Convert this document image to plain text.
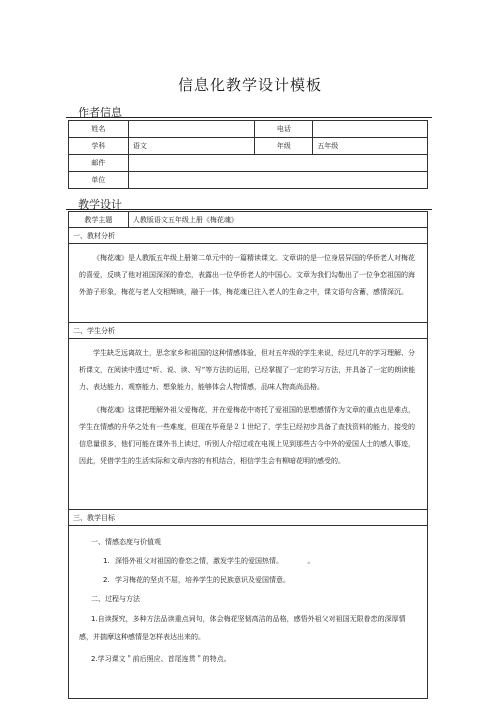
信息化教学设计模板
作者信息
姓名		电话	
学科	语文	年级	五年级
邮件			
单位			
教学设计
教学主题	人教版语文五年级上册《梅花魂》
一、教材分析

《梅花魂》是人教版五年级上册第二单元中的一篇精读课文。文章讲的是一位身居异国的华侨老人对梅花的喜爱，反映了他对祖国深深的眷恋，表露出一位华侨老人的中国心。文章为我们勾勒出了一位争恋祖国的海外游子形象，梅花与老人交相辉映，融于一体，梅花魂已注入老人的生命之中，课文语句含蓄，感情深沉。

二、学生分析

学生缺乏远离故土，思念家乡和祖国的这种情感体验，但对五年级的学生来说，经过几年的学习理解、分析课文，在阅读中透过“听、说、读、写”等方法的运用，已经掌握了一定的学习方法，并具备了一定的朗读能力、表达能力、观察能力、想象能力，能够体会人物情感，品味人物高尚品格。

《梅花魂》这课把理解外祖父爱梅花，并在爱梅花中寄托了爱祖国的思想感情作为文章的重点也是难点，学生在情感的升华之处有一些难度，但现在毕竟是２１世纪了，学生已经初步具备了查找资料的能力，接受的信息量很多，他们可能在课外书上读过，听别人介绍过或在电视上见到那些古今中外的爱国人士的感人事迹，因此，凭借学生的生活实际和文章内容的有机结合，相信学生会有柳暗花明的感受的。

三、教学目标

一、情感态度与价值观
1. 深悟外祖父对祖国的眷恋之情，激发学生的爱国热情。	。
2. 学习梅花的坚贞不屈，培养学生的民族意识及爱国情意。
二、过程与方法

1.自读探究，多种方法品读重点词句，体会梅花坚韧高洁的品格，感悟外祖父对祖国无限眷恋的深厚情感，并揣摩这种感情是怎样表达出来的。

2.学习课文＂前后照应、首尾连贯＂的特点。
